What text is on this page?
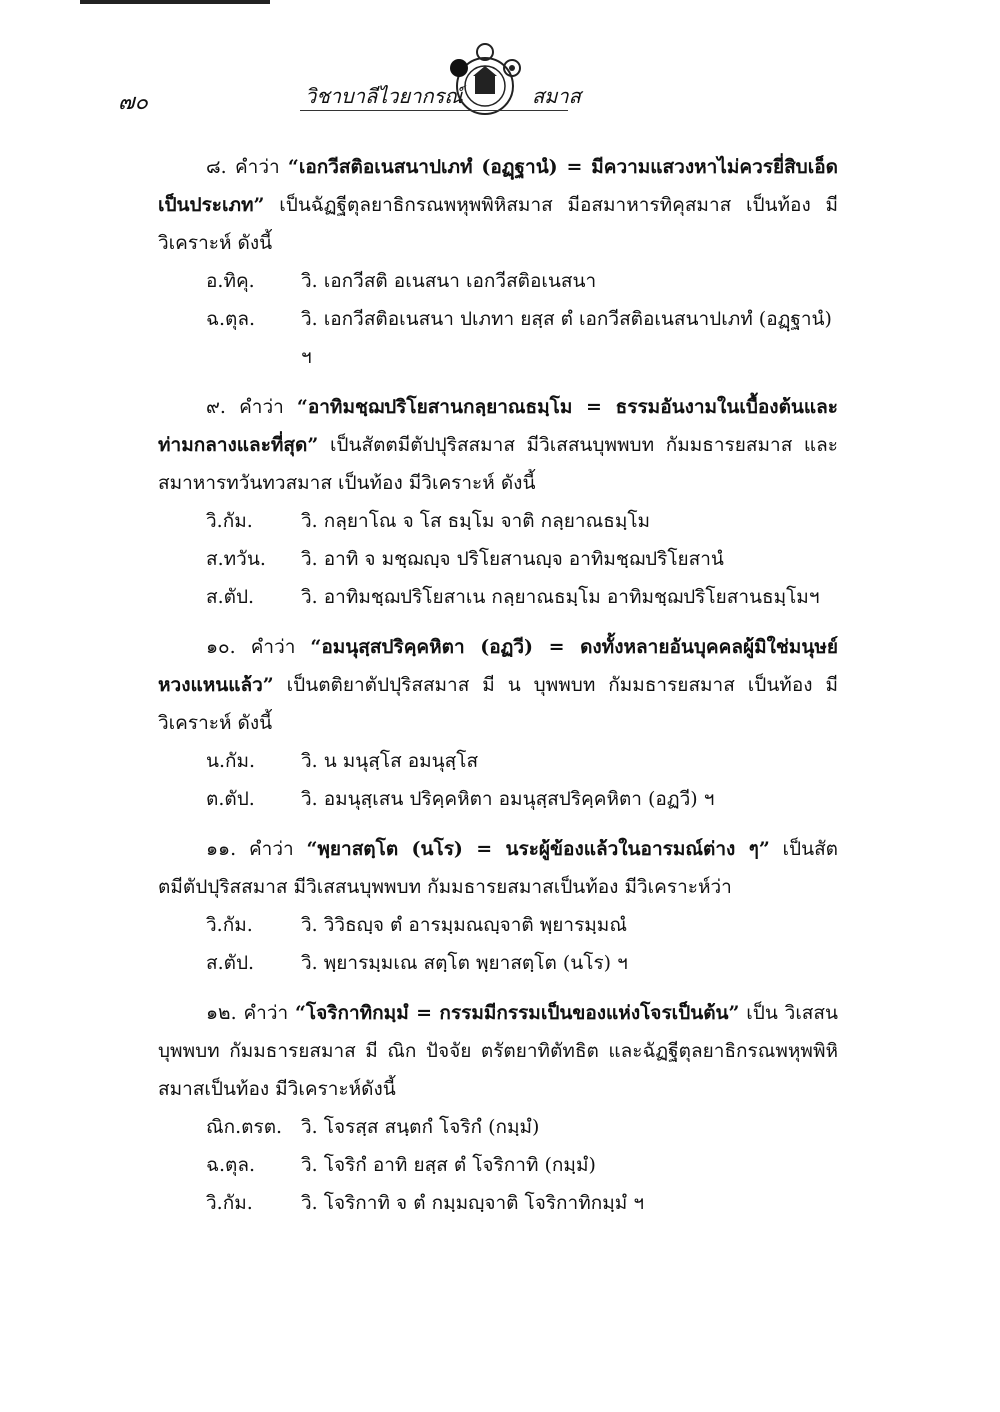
๗๐	วิชาบาลีไวยากรณ์	สมาส

๘. คำว่า “เอกวีสติอเนสนาปเภทํ (อฏฺฐานํ) = มีความแสวงหาไม่ควรยี่สิบเอ็ดเป็นประเภท” เป็นฉัฏฐีตุลยาธิกรณพหุพพิหิสมาส มีอสมาหารทิคุสมาส เป็นท้อง มีวิเคราะห์ ดังนี้

อ.ทิคุ.	วิ. เอกวีสติ อเนสนา เอกวีสติอเนสนา
ฉ.ตุล.	วิ. เอกวีสติอเนสนา ปเภทา ยสฺส ตํ เอกวีสติอเนสนาปเภทํ (อฏฺฐานํ) ฯ

๙. คำว่า “อาทิมชฺฌปริโยสานกลฺยาณธมฺโม = ธรรมอันงามในเบื้องต้นและท่ามกลางและที่สุด” เป็นสัตตมีตัปปุริสสมาส มีวิเสสนบุพพบท กัมมธารยสมาส และ สมาหารทวันทวสมาส เป็นท้อง มีวิเคราะห์ ดังนี้

วิ.กัม.	วิ. กลฺยาโณ จ โส ธมฺโม จาติ กลฺยาณธมฺโม
ส.ทวัน.	วิ. อาทิ จ มชฺฌญฺจ ปริโยสานญฺจ อาทิมชฺฌปริโยสานํ
ส.ตัป.	วิ. อาทิมชฺฌปริโยสาเน กลฺยาณธมฺโม อาทิมชฺฌปริโยสานธมฺโมฯ

๑๐. คำว่า “อมนุสฺสปริคฺคหิตา (อฏวี) = ดงทั้งหลายอันบุคคลผู้มิใช่มนุษย์หวงแหนแล้ว” เป็นตติยาตัปปุริสสมาส มี น บุพพบท กัมมธารยสมาส เป็นท้อง มีวิเคราะห์ ดังนี้

น.กัม.	วิ. น มนุสฺโส อมนุสฺโส
ต.ตัป.	วิ. อมนุสฺเสน ปริคฺคหิตา อมนุสฺสปริคฺคหิตา (อฏวี) ฯ

๑๑. คำว่า “พฺยาสตฺโต (นโร) = นระผู้ข้องแล้วในอารมณ์ต่าง ๆ” เป็นสัตตมีตัปปุริสสมาส มีวิเสสนบุพพบท กัมมธารยสมาสเป็นท้อง มีวิเคราะห์ว่า

วิ.กัม.	วิ. วิวิธญฺจ ตํ อารมฺมณญฺจาติ พฺยารมฺมณํ
ส.ตัป.	วิ. พฺยารมฺมเณ สตฺโต พฺยาสตฺโต (นโร) ฯ

๑๒. คำว่า “โจริกาทิกมฺมํ = กรรมมีกรรมเป็นของแห่งโจรเป็นต้น” เป็น วิเสสนบุพพบท กัมมธารยสมาส มี ณิก ปัจจัย ตรัตยาทิตัทธิต และฉัฏฐีตุลยาธิกรณพหุพพิหิสมาสเป็นท้อง มีวิเคราะห์ดังนี้

ณิก.ตรต. วิ. โจรสฺส สนฺตกํ โจริกํ (กมฺมํ)
ฉ.ตุล.	วิ. โจริกํ อาทิ ยสฺส ตํ โจริกาทิ (กมฺมํ)
วิ.กัม.	วิ. โจริกาทิ จ ตํ กมฺมญฺจาติ โจริกาทิกมฺมํ ฯ
